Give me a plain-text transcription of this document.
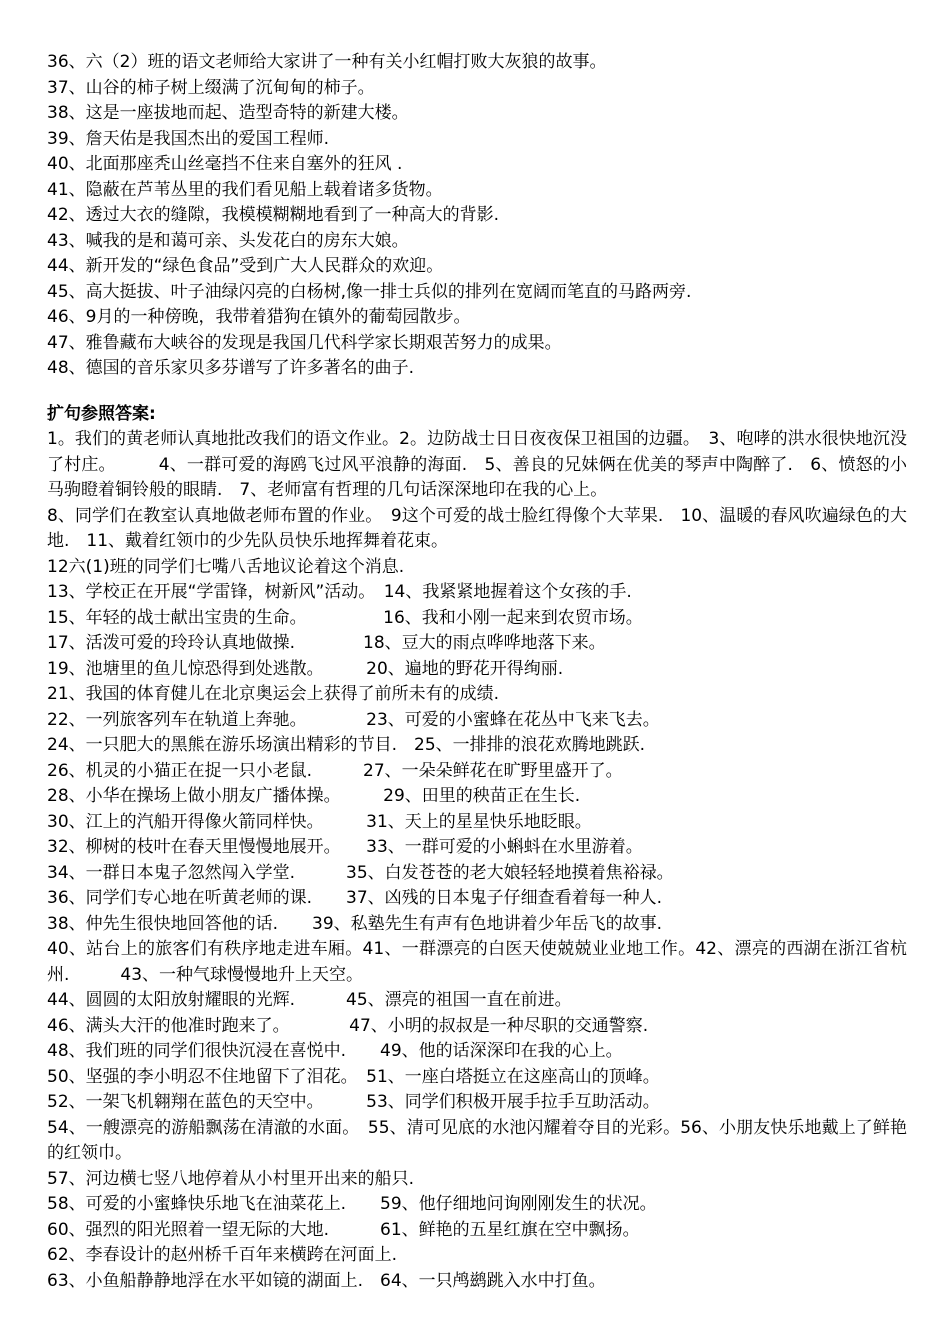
36、六（2）班的语文老师给大家讲了一种有关小红帽打败大灰狼的故事。

37、山谷的柿子树上缀满了沉甸甸的柿子。

38、这是一座拔地而起、造型奇特的新建大楼。

39、詹天佑是我国杰出的爱国工程师.

40、北面那座秃山丝毫挡不住来自塞外的狂风 .

41、隐蔽在芦苇丛里的我们看见船上载着诸多货物。

42、透过大衣的缝隙，我模模糊糊地看到了一种高大的背影.

43、喊我的是和蔼可亲、头发花白的房东大娘。

44、新开发的“绿色食品”受到广大人民群众的欢迎。

45、高大挺拔、叶子油绿闪亮的白杨树,像一排士兵似的排列在宽阔而笔直的马路两旁.

46、9月的一种傍晚，我带着猎狗在镇外的葡萄园散步。

47、雅鲁藏布大峡谷的发现是我国几代科学家长期艰苦努力的成果。

48、德国的音乐家贝多芬谱写了许多著名的曲子.

扩句参照答案:

1。我们的黄老师认真地批改我们的语文作业。2。边防战士日日夜夜保卫祖国的边疆。　3、咆哮的洪水很快地沉没了村庄。　　　4、一群可爱的海鸥飞过风平浪静的海面.　5、善良的兄妹俩在优美的琴声中陶醉了.　6、愤怒的小马驹瞪着铜铃般的眼睛.　7、老师富有哲理的几句话深深地印在我的心上。

8、同学们在教室认真地做老师布置的作业。　9这个可爱的战士脸红得像个大苹果.　10、温暖的春风吹遍绿色的大地.　11、戴着红领巾的少先队员快乐地挥舞着花束。

12六(1)班的同学们七嘴八舌地议论着这个消息.

13、学校正在开展“学雷锋，树新风”活动。　14、我紧紧地握着这个女孩的手.

15、年轻的战士献出宝贵的生命。　　　　　16、我和小刚一起来到农贸市场。

17、活泼可爱的玲玲认真地做操.　　　　18、豆大的雨点哗哗地落下来。

19、池塘里的鱼儿惊恐得到处逃散。　　　20、遍地的野花开得绚丽.

21、我国的体育健儿在北京奥运会上获得了前所未有的成绩.

22、一列旅客列车在轨道上奔驰。　　　　23、可爱的小蜜蜂在花丛中飞来飞去。

24、一只肥大的黑熊在游乐场演出精彩的节目.　25、一排排的浪花欢腾地跳跃.

26、机灵的小猫正在捉一只小老鼠.　　　27、一朵朵鲜花在旷野里盛开了。

28、小华在操场上做小朋友广播体操。　　　29、田里的秧苗正在生长.

30、江上的汽船开得像火箭同样快。　　　31、天上的星星快乐地眨眼。

32、柳树的枝叶在春天里慢慢地展开。　　33、一群可爱的小蝌蚪在水里游着。

34、一群日本鬼子忽然闯入学堂.　　　35、白发苍苍的老大娘轻轻地摸着焦裕禄。

36、同学们专心地在听黄老师的课.　　37、凶残的日本鬼子仔细查看着每一种人.

38、仲先生很快地回答他的话.　　39、私塾先生有声有色地讲着少年岳飞的故事.

40、站台上的旅客们有秩序地走进车厢。41、一群漂亮的白医天使兢兢业业地工作。42、漂亮的西湖在浙江省杭州.　　　43、一种气球慢慢地升上天空。

44、圆圆的太阳放射耀眼的光辉.　　　45、漂亮的祖国一直在前进。

46、满头大汗的他准时跑来了。　　　　47、小明的叔叔是一种尽职的交通警察.

48、我们班的同学们很快沉浸在喜悦中.　　49、他的话深深印在我的心上。

50、坚强的李小明忍不住地留下了泪花。　51、一座白塔挺立在这座高山的顶峰。

52、一架飞机翱翔在蓝色的天空中。　　　53、同学们积极开展手拉手互助活动。

54、一艘漂亮的游船飘荡在清澈的水面。　55、清可见底的水池闪耀着夺目的光彩。56、小朋友快乐地戴上了鲜艳的红领巾。

57、河边横七竖八地停着从小村里开出来的船只.

58、可爱的小蜜蜂快乐地飞在油菜花上.　　59、他仔细地问询刚刚发生的状况。

60、强烈的阳光照着一望无际的大地.　　　61、鲜艳的五星红旗在空中飘扬。

62、李春设计的赵州桥千百年来横跨在河面上.

63、小鱼船静静地浮在水平如镜的湖面上.　64、一只鸬鹚跳入水中打鱼。
